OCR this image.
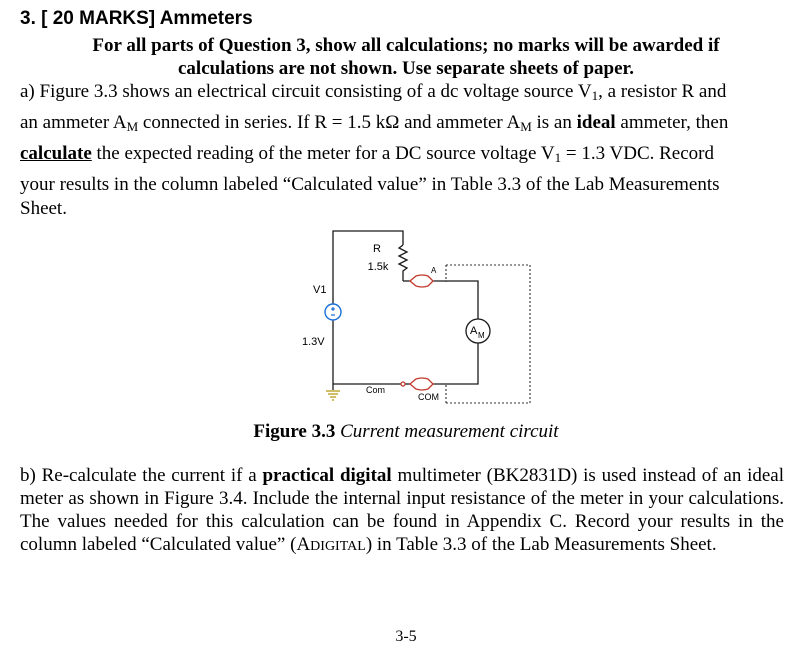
3. [ 20 MARKS] Ammeters
For all parts of Question 3, show all calculations; no marks will be awarded if
calculations are not shown. Use separate sheets of paper.
a) Figure 3.3 shows an electrical circuit consisting of a dc voltage source $V_1$, a resistor R and
an ammeter $A_M$ connected in series. If R = 1.5 kΩ and ammeter $A_M$ is an ideal ammeter, then
calculate the expected reading of the meter for a DC source voltage $V_1 = 1.3$ VDC. Record
your results in the column labeled “Calculated value” in Table 3.3 of the Lab Measurements
Sheet.
R
1.5k
V1
1.3V
A M
A
COM
Com
Figure 3.3 Current measurement circuit

b) Re-calculate the current if a practical digital multimeter (BK2831D) is used instead of an ideal meter as shown in Figure 3.4. Include the internal input resistance of the meter in your calculations. The values needed for this calculation can be found in Appendix C. Record your results in the column labeled “Calculated value” (ADIGITAL) in Table 3.3 of the Lab Measurements Sheet.

3-5
